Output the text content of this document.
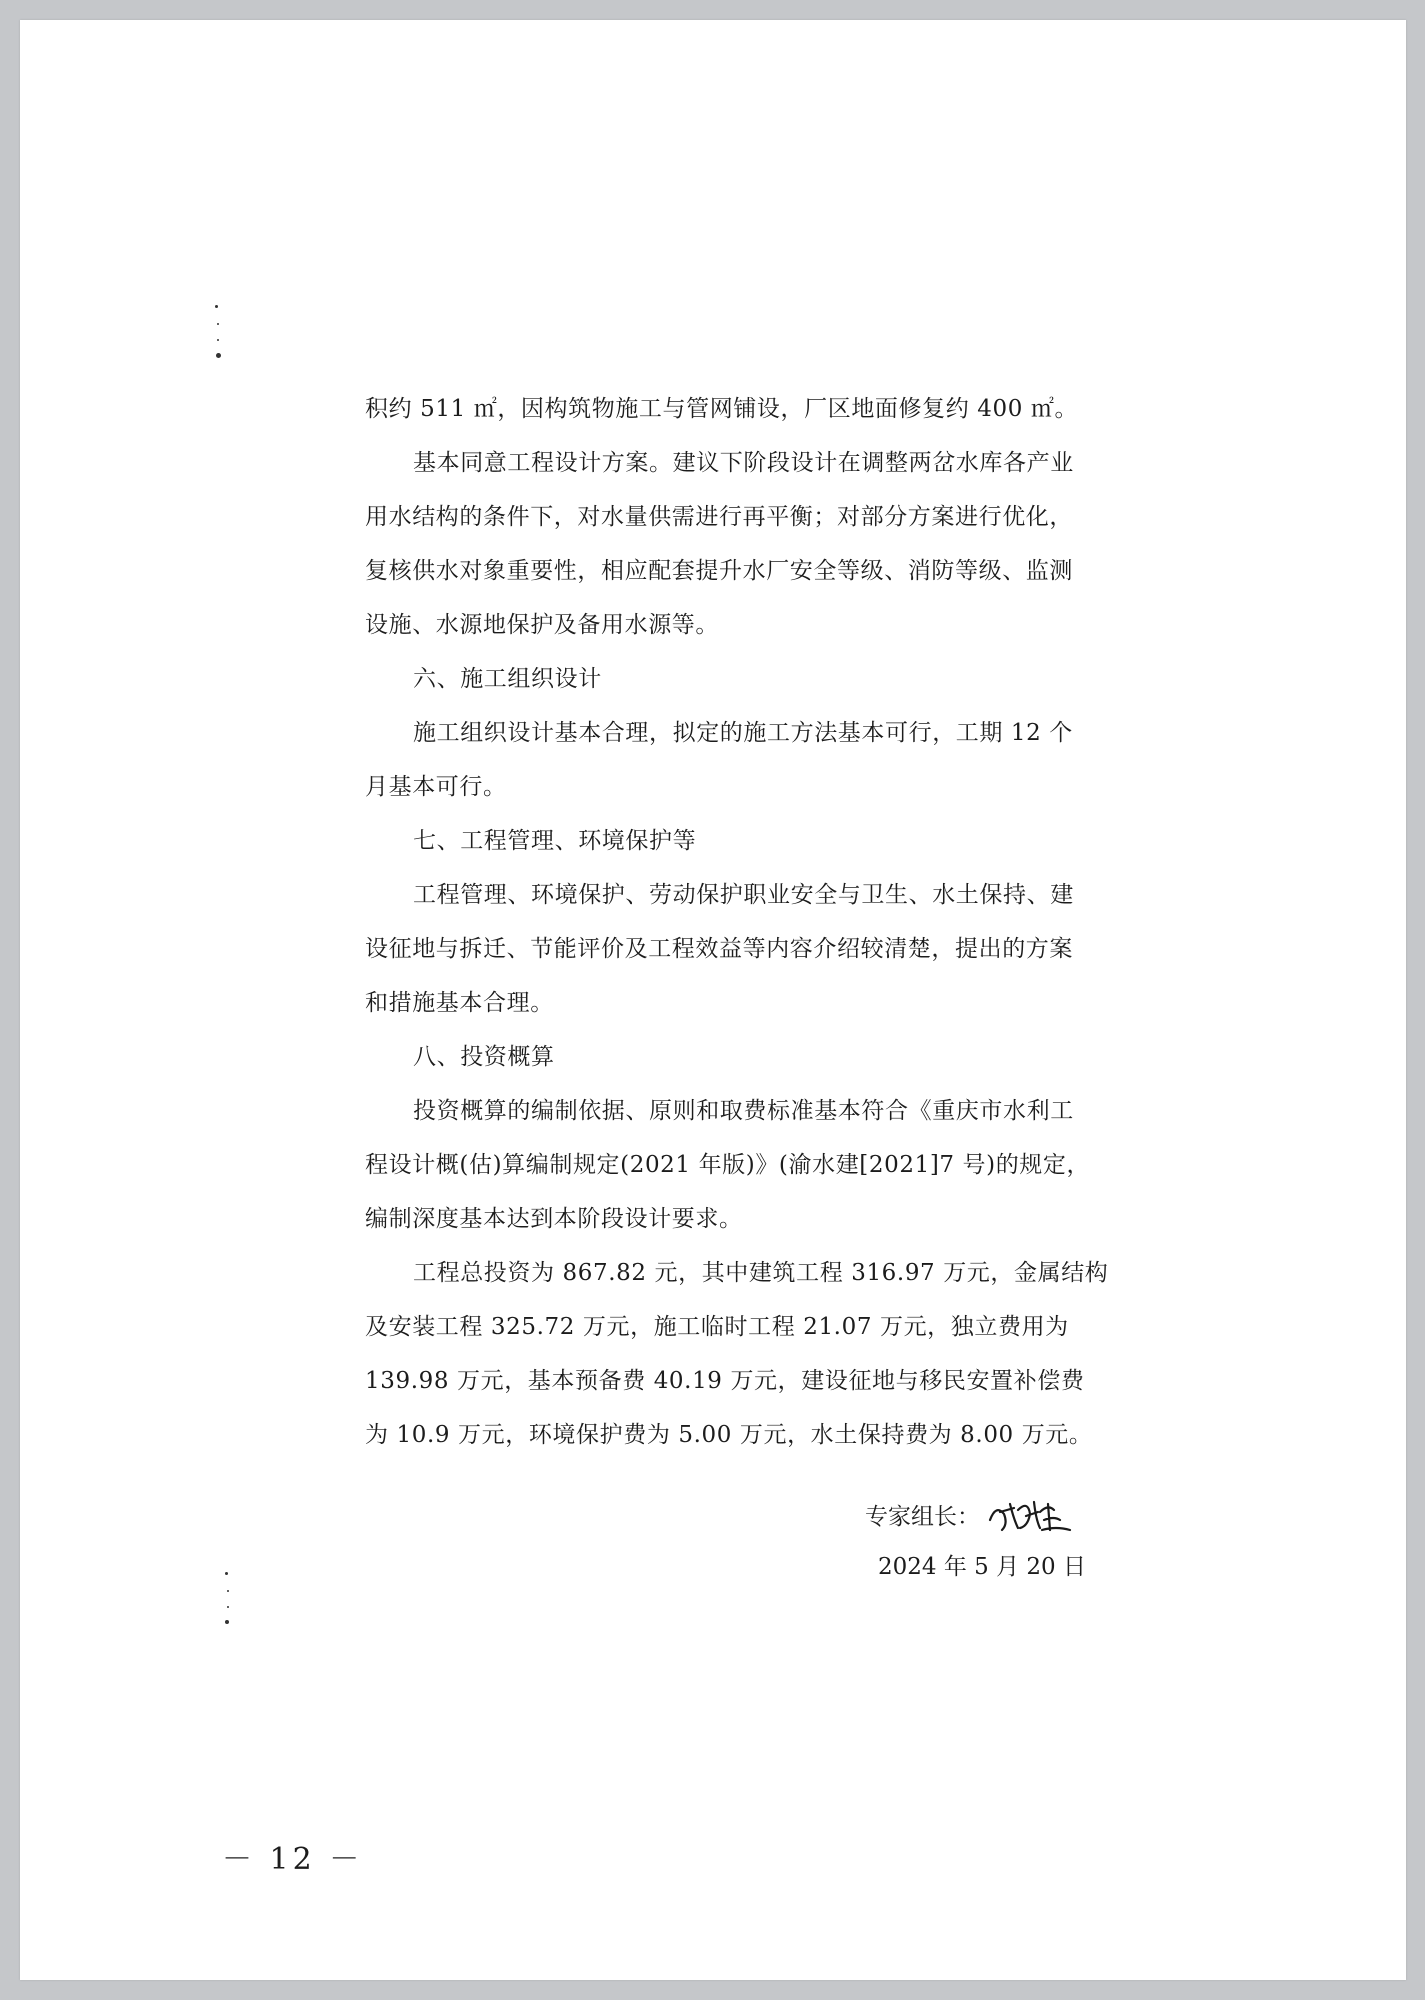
积约 511 ㎡，因构筑物施工与管网铺设，厂区地面修复约 400 ㎡。
基本同意工程设计方案。建议下阶段设计在调整两岔水库各产业
用水结构的条件下，对水量供需进行再平衡；对部分方案进行优化，
复核供水对象重要性，相应配套提升水厂安全等级、消防等级、监测
设施、水源地保护及备用水源等。
六、施工组织设计
施工组织设计基本合理，拟定的施工方法基本可行，工期 12 个
月基本可行。
七、工程管理、环境保护等
工程管理、环境保护、劳动保护职业安全与卫生、水土保持、建
设征地与拆迁、节能评价及工程效益等内容介绍较清楚，提出的方案
和措施基本合理。
八、投资概算
投资概算的编制依据、原则和取费标准基本符合《重庆市水利工
程设计概(估)算编制规定(2021 年版)》(渝水建[2021]7 号)的规定，
编制深度基本达到本阶段设计要求。
工程总投资为 867.82 元，其中建筑工程 316.97 万元，金属结构
及安装工程 325.72 万元，施工临时工程 21.07 万元，独立费用为
139.98 万元，基本预备费 40.19 万元，建设征地与移民安置补偿费
为 10.9 万元，环境保护费为 5.00 万元，水土保持费为 8.00 万元。
专家组长：
2024 年 5 月 20 日
－ 12 －
